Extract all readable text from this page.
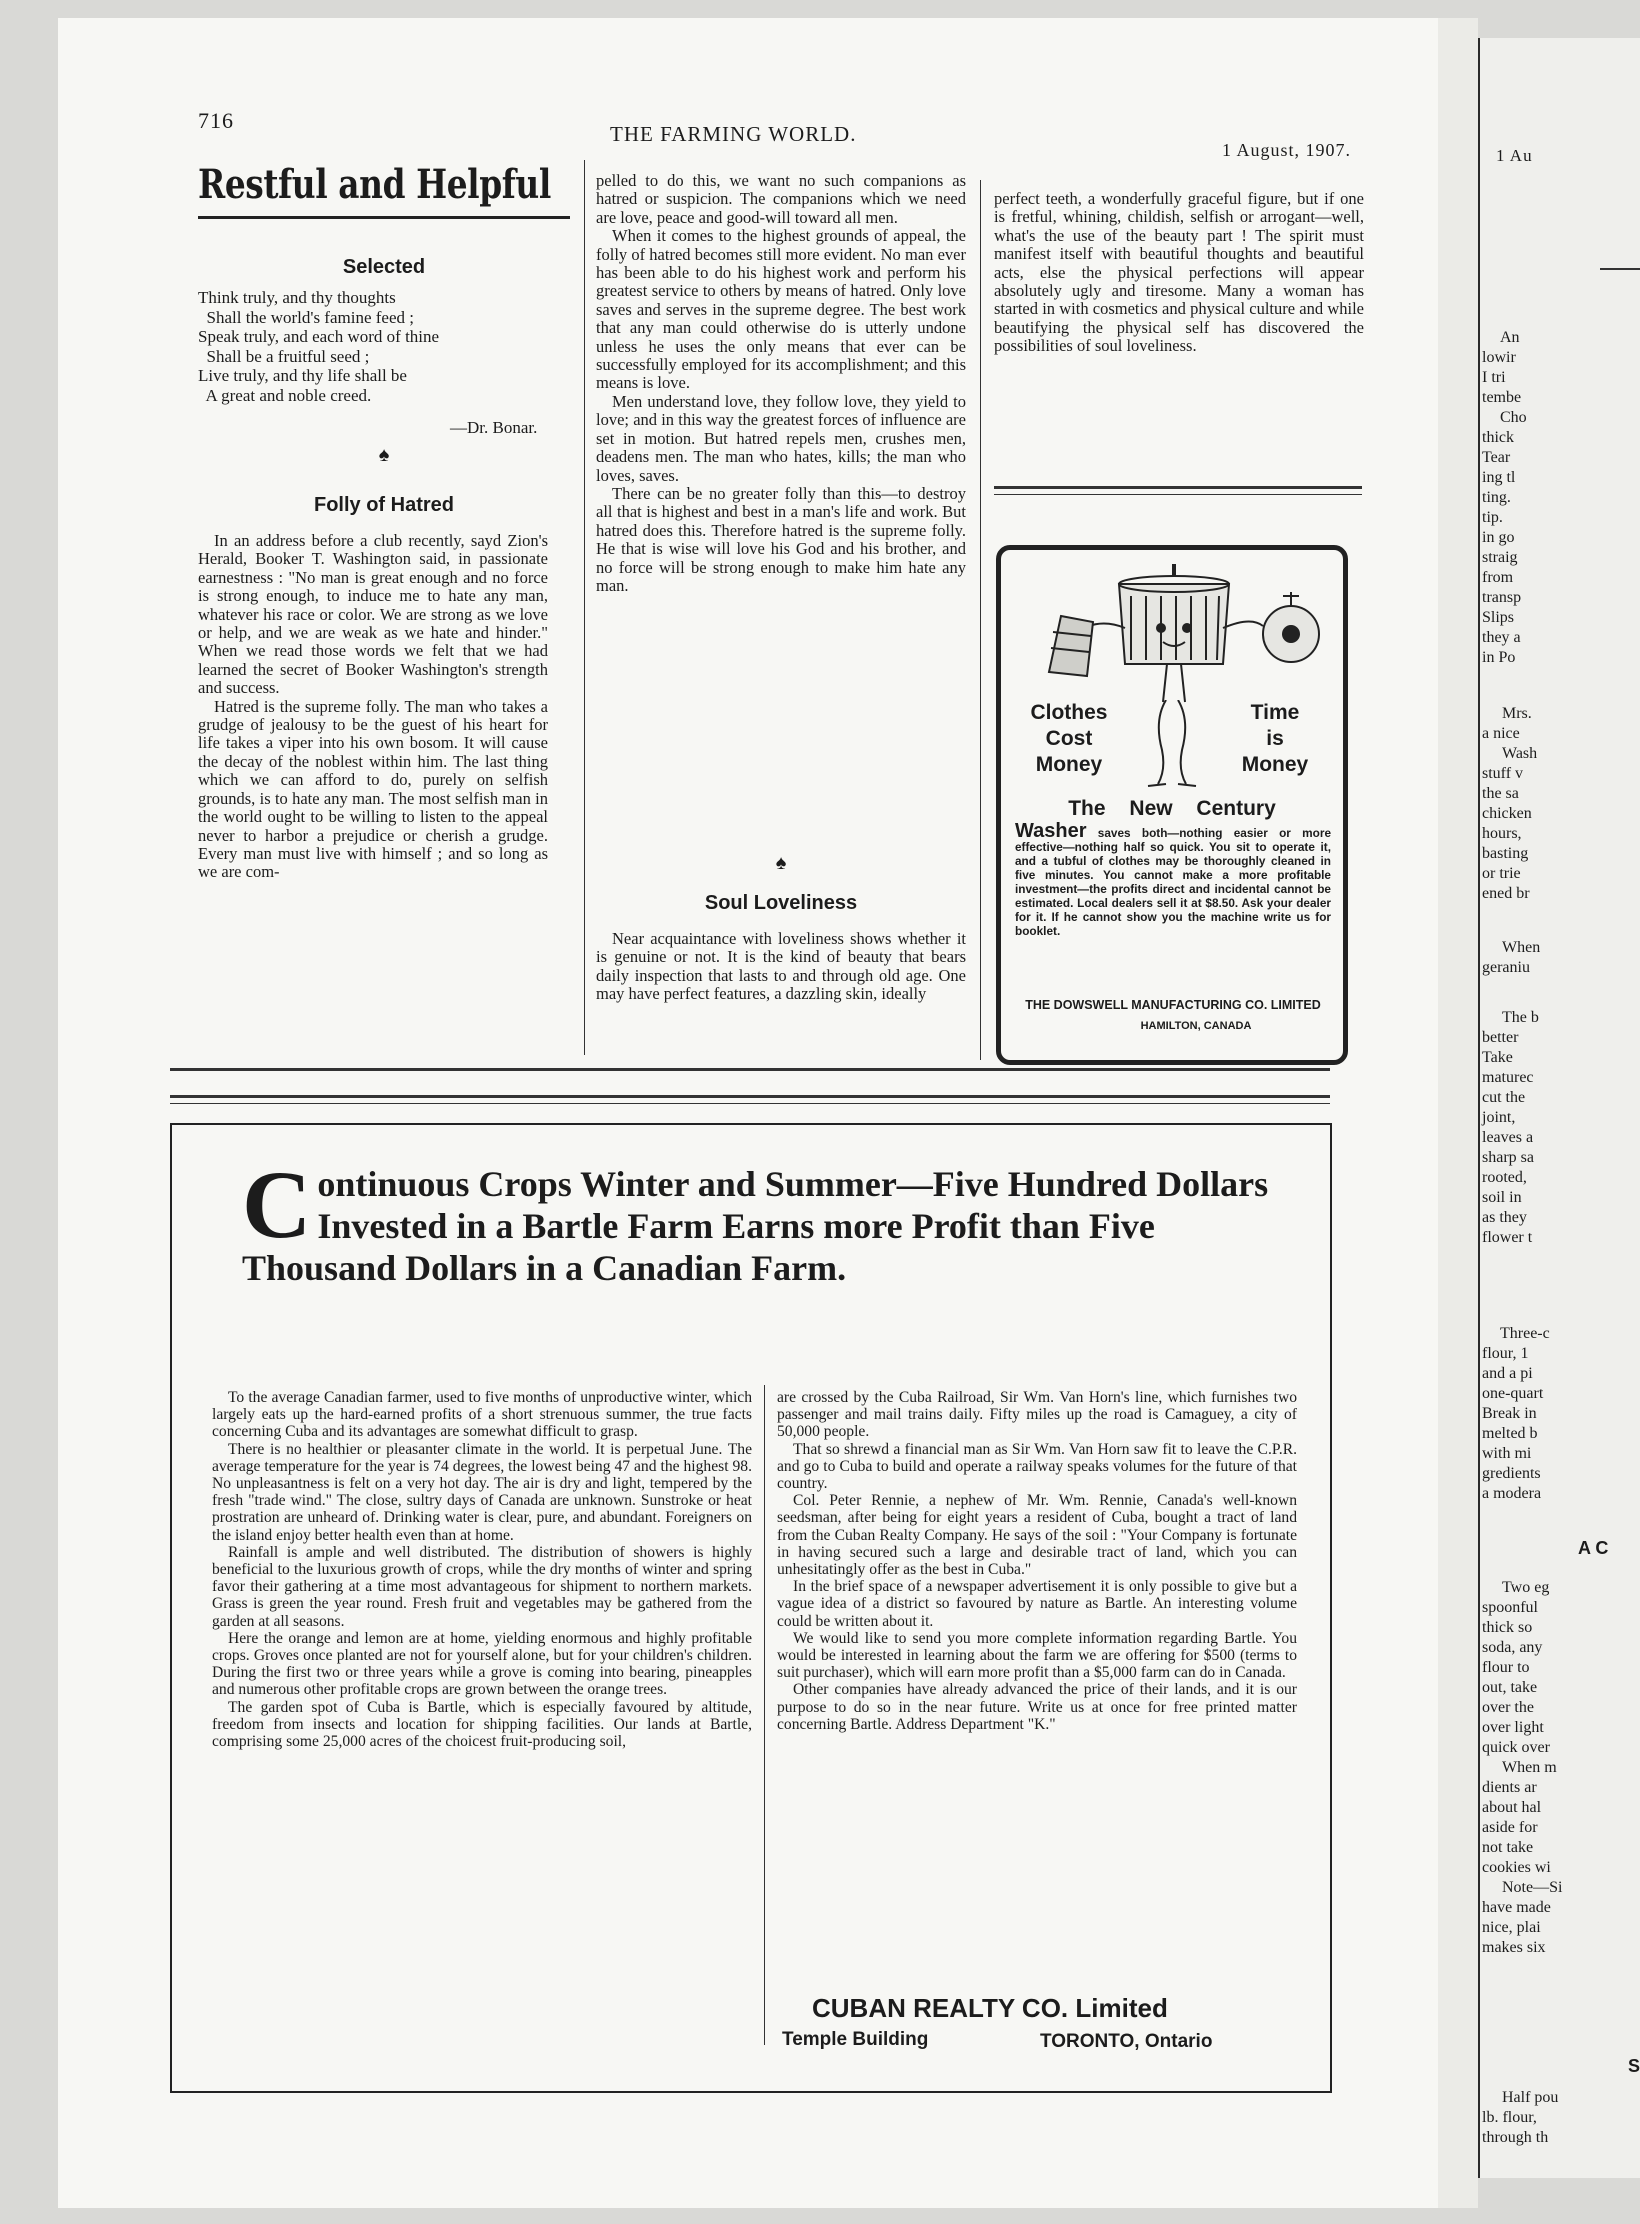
716
THE FARMING WORLD.
1 August, 1907.
Restful and Helpful
Selected
Think truly, and thy thoughts
Shall the world's famine feed ;
Speak truly, and each word of thine
Shall be a fruitful seed ;
Live truly, and thy life shall be
A great and noble creed.
—Dr. Bonar.
♠
Folly of Hatred

In an address before a club recently, sayd Zion's Herald, Booker T. Washington said, in passionate earnestness : "No man is great enough and no force is strong enough, to induce me to hate any man, whatever his race or color. We are strong as we love or help, and we are weak as we hate and hinder." When we read those words we felt that we had learned the secret of Booker Washington's strength and success.

Hatred is the supreme folly. The man who takes a grudge of jealousy to be the guest of his heart for life takes a viper into his own bosom. It will cause the decay of the noblest within him. The last thing which we can afford to do, purely on selfish grounds, is to hate any man. The most selfish man in the world ought to be willing to listen to the appeal never to harbor a prejudice or cherish a grudge. Every man must live with himself ; and so long as we are com-

pelled to do this, we want no such companions as hatred or suspicion. The companions which we need are love, peace and good-will toward all men.

When it comes to the highest grounds of appeal, the folly of hatred becomes still more evident. No man ever has been able to do his highest work and perform his greatest service to others by means of hatred. Only love saves and serves in the supreme degree. The best work that any man could otherwise do is utterly undone unless he uses the only means that ever can be successfully employed for its accomplishment; and this means is love.

Men understand love, they follow love, they yield to love; and in this way the greatest forces of influence are set in motion. But hatred repels men, crushes men, deadens men. The man who hates, kills; the man who loves, saves.

There can be no greater folly than this—to destroy all that is highest and best in a man's life and work. But hatred does this. Therefore hatred is the supreme folly. He that is wise will love his God and his brother, and no force will be strong enough to make him hate any man.

♠
Soul Loveliness

Near acquaintance with loveliness shows whether it is genuine or not. It is the kind of beauty that bears daily inspection that lasts to and through old age. One may have perfect features, a dazzling skin, ideally

perfect teeth, a wonderfully graceful figure, but if one is fretful, whining, childish, selfish or arrogant—well, what's the use of the beauty part ! The spirit must manifest itself with beautiful thoughts and beautiful acts, else the physical perfections will appear absolutely ugly and tiresome. Many a woman has started in with cosmetics and physical culture and while beautifying the physical self has discovered the possibilities of soul loveliness.

Clothes
Cost
Money
Time
is
Money
The New Century
Washer saves both—nothing easier or more effective—nothing half so quick. You sit to operate it, and a tubful of clothes may be thoroughly cleaned in five minutes. You cannot make a more profitable investment—the profits direct and incidental cannot be estimated. Local dealers sell it at $8.50. Ask your dealer for it. If he cannot show you the machine write us for booklet.
THE DOWSWELL MANUFACTURING CO. LIMITED
HAMILTON, CANADA
C ontinuous Crops Winter and Summer—Five Hundred Dollars Invested in a Bartle Farm Earns more Profit than Five Thousand Dollars in a Canadian Farm.

To the average Canadian farmer, used to five months of unproductive winter, which largely eats up the hard-earned profits of a short strenuous summer, the true facts concerning Cuba and its advantages are somewhat difficult to grasp.

There is no healthier or pleasanter climate in the world. It is perpetual June. The average temperature for the year is 74 degrees, the lowest being 47 and the highest 98. No unpleasantness is felt on a very hot day. The air is dry and light, tempered by the fresh "trade wind." The close, sultry days of Canada are unknown. Sunstroke or heat prostration are unheard of. Drinking water is clear, pure, and abundant. Foreigners on the island enjoy better health even than at home.

Rainfall is ample and well distributed. The distribution of showers is highly beneficial to the luxurious growth of crops, while the dry months of winter and spring favor their gathering at a time most advantageous for shipment to northern markets. Grass is green the year round. Fresh fruit and vegetables may be gathered from the garden at all seasons.

Here the orange and lemon are at home, yielding enormous and highly profitable crops. Groves once planted are not for yourself alone, but for your children's children. During the first two or three years while a grove is coming into bearing, pineapples and numerous other profitable crops are grown between the orange trees.

The garden spot of Cuba is Bartle, which is especially favoured by altitude, freedom from insects and location for shipping facilities. Our lands at Bartle, comprising some 25,000 acres of the choicest fruit-producing soil,

are crossed by the Cuba Railroad, Sir Wm. Van Horn's line, which furnishes two passenger and mail trains daily. Fifty miles up the road is Camaguey, a city of 50,000 people.

That so shrewd a financial man as Sir Wm. Van Horn saw fit to leave the C.P.R. and go to Cuba to build and operate a railway speaks volumes for the future of that country.

Col. Peter Rennie, a nephew of Mr. Wm. Rennie, Canada's well-known seedsman, after being for eight years a resident of Cuba, bought a tract of land from the Cuban Realty Company. He says of the soil : "Your Company is fortunate in having secured such a large and desirable tract of land, which you can unhesitatingly offer as the best in Cuba."

In the brief space of a newspaper advertisement it is only possible to give but a vague idea of a district so favoured by nature as Bartle. An interesting volume could be written about it.

We would like to send you more complete information regarding Bartle. You would be interested in learning about the farm we are offering for $500 (terms to suit purchaser), which will earn more profit than a $5,000 farm can do in Canada.

Other companies have already advanced the price of their lands, and it is our purpose to do so in the near future. Write us at once for free printed matter concerning Bartle. Address Department "K."

CUBAN REALTY CO. Limited
Temple Building	TORONTO, Ontario
1 Au
An
lowir
I tri
tembe
Cho
thick
Tear
ing tl
ting.
tip.
in go
straig
from
transp
Slips
they a
in Po
Mrs.
a nice
Wash
stuff v
the sa
chicken
hours,
basting
or trie
ened br
When
geraniu
The b
better
Take
maturec
cut the
joint,
leaves a
sharp sa
rooted,
soil in
as they
flower t
Three-c
flour, 1
and a pi
one-quart
Break in
melted b
with mi
gredients
a modera
A C
Two eg
spoonful
thick so
soda, any
flour to
out, take
over the
over light
quick over
When m
dients ar
about hal
aside for
not take
cookies wi
Note—Si
have made
nice, plai
makes six
S
Half pou
lb. flour,
through th
